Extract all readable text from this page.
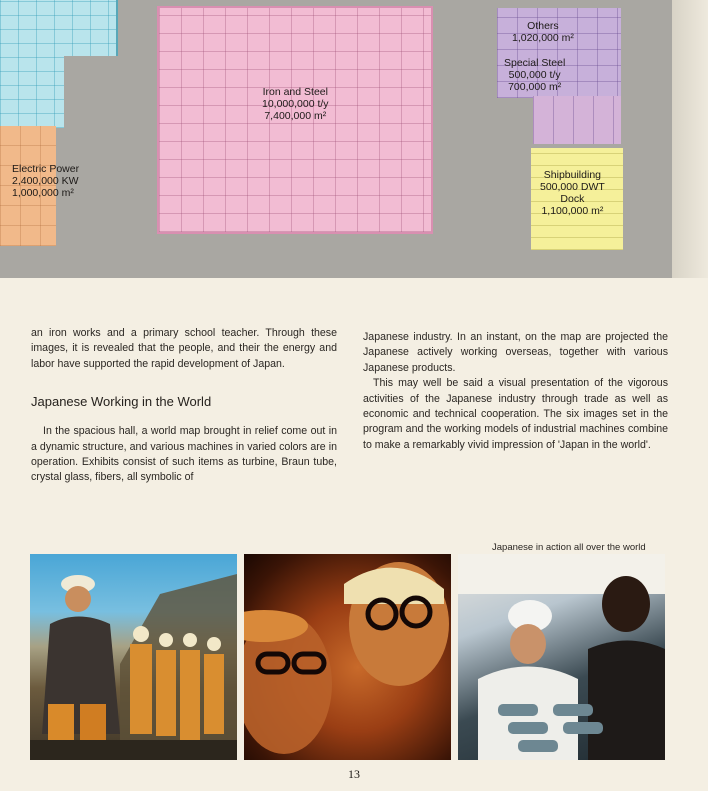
Iron and Steel
10,000,000 t/y
7,400,000 m²
Electric Power
2,400,000 KW
1,000,000 m²
Others
1,020,000 m²
Special Steel
500,000 t/y
700,000 m²
Shipbuilding
500,000 DWT
Dock
1,100,000 m²

an iron works and a primary school teacher. Through these images, it is revealed that the people, and their the energy and labor have supported the rapid development of Japan.

Japanese Working in the World

In the spacious hall, a world map brought in relief come out in a dynamic structure, and various machines in varied colors are in operation. Exhibits consist of such items as turbine, Braun tube, crystal glass, fibers, all symbolic of

Japanese industry. In an instant, on the map are projected the Japanese actively working overseas, together with various Japanese products.

This may well be said a visual presentation of the vigorous activities of the Japanese industry through trade as well as economic and technical cooperation. The six images set in the program and the working models of industrial machines combine to make a remarkably vivid impression of 'Japan in the world'.

Japanese in action all over the world
13
